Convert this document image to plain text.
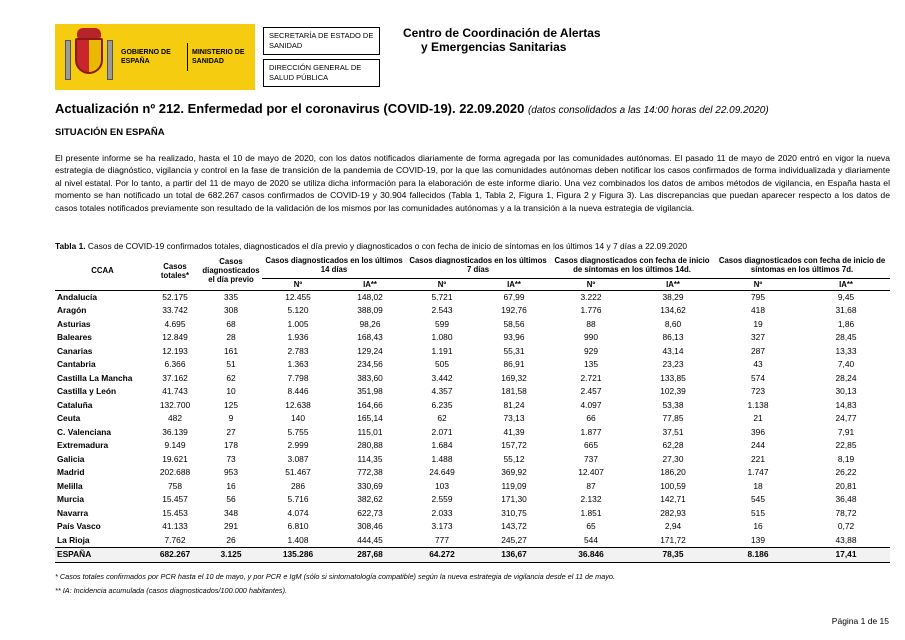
GOBIERNO DE ESPAÑA
MINISTERIO DE SANIDAD
SECRETARÍA DE ESTADO DE SANIDAD
DIRECCIÓN GENERAL DE SALUD PÚBLICA
Centro de Coordinación de Alertas
y Emergencias Sanitarias
Actualización nº 212. Enfermedad por el coronavirus (COVID-19). 22.09.2020 (datos consolidados a las 14:00 horas del 22.09.2020)
SITUACIÓN EN ESPAÑA
El presente informe se ha realizado, hasta el 10 de mayo de 2020, con los datos notificados diariamente de forma agregada por las comunidades autónomas. El pasado 11 de mayo de 2020 entró en vigor la nueva estrategia de diagnóstico, vigilancia y control en la fase de transición de la pandemia de COVID-19, por la que las comunidades autónomas deben notificar los casos confirmados de forma individualizada y diariamente al nivel estatal. Por lo tanto, a partir del 11 de mayo de 2020 se utiliza dicha información para la elaboración de este informe diario. Una vez combinados los datos de ambos métodos de vigilancia, en España hasta el momento se han notificado un total de 682.267 casos confirmados de COVID-19 y 30.904 fallecidos (Tabla 1, Tabla 2, Figura 1, Figura 2 y Figura 3). Las discrepancias que puedan aparecer respecto a los datos de casos totales notificados previamente son resultado de la validación de los mismos por las comunidades autónomas y a la transición a la nueva estrategia de vigilancia.
Tabla 1. Casos de COVID-19 confirmados totales, diagnosticados el día previo y diagnosticados o con fecha de inicio de síntomas en los últimos 14 y 7 días a 22.09.2020
CCAA	Casos totales*	Casos diagnosticados el día previo	Casos diagnosticados en los últimos 14 días		Casos diagnosticados en los últimos 7 días		Casos diagnosticados con fecha de inicio de síntomas en los últimos 14d.		Casos diagnosticados con fecha de inicio de síntomas en los últimos 7d.	
			Nº	IA**	Nº	IA**	Nº	IA**	Nº	IA**
Andalucía	52.175	335	12.455	148,02	5.721	67,99	3.222	38,29	795	9,45
Aragón	33.742	308	5.120	388,09	2.543	192,76	1.776	134,62	418	31,68
Asturias	4.695	68	1.005	98,26	599	58,56	88	8,60	19	1,86
Baleares	12.849	28	1.936	168,43	1.080	93,96	990	86,13	327	28,45
Canarias	12.193	161	2.783	129,24	1.191	55,31	929	43,14	287	13,33
Cantabria	6.366	51	1.363	234,56	505	86,91	135	23,23	43	7,40
Castilla La Mancha	37.162	62	7.798	383,60	3.442	169,32	2.721	133,85	574	28,24
Castilla y León	41.743	10	8.446	351,98	4.357	181,58	2.457	102,39	723	30,13
Cataluña	132.700	125	12.638	164,66	6.235	81,24	4.097	53,38	1.138	14,83
Ceuta	482	9	140	165,14	62	73,13	66	77,85	21	24,77
C. Valenciana	36.139	27	5.755	115,01	2.071	41,39	1.877	37,51	396	7,91
Extremadura	9.149	178	2.999	280,88	1.684	157,72	665	62,28	244	22,85
Galicia	19.621	73	3.087	114,35	1.488	55,12	737	27,30	221	8,19
Madrid	202.688	953	51.467	772,38	24.649	369,92	12.407	186,20	1.747	26,22
Melilla	758	16	286	330,69	103	119,09	87	100,59	18	20,81
Murcia	15.457	56	5.716	382,62	2.559	171,30	2.132	142,71	545	36,48
Navarra	15.453	348	4.074	622,73	2.033	310,75	1.851	282,93	515	78,72
País Vasco	41.133	291	6.810	308,46	3.173	143,72	65	2,94	16	0,72
La Rioja	7.762	26	1.408	444,45	777	245,27	544	171,72	139	43,88
ESPAÑA	682.267	3.125	135.286	287,68	64.272	136,67	36.846	78,35	8.186	17,41
* Casos totales confirmados por PCR hasta el 10 de mayo, y por PCR e IgM (sólo si sintomatología compatible) según la nueva estrategia de vigilancia desde el 11 de mayo.
** IA: Incidencia acumulada (casos diagnosticados/100.000 habitantes).
Página 1 de 15
